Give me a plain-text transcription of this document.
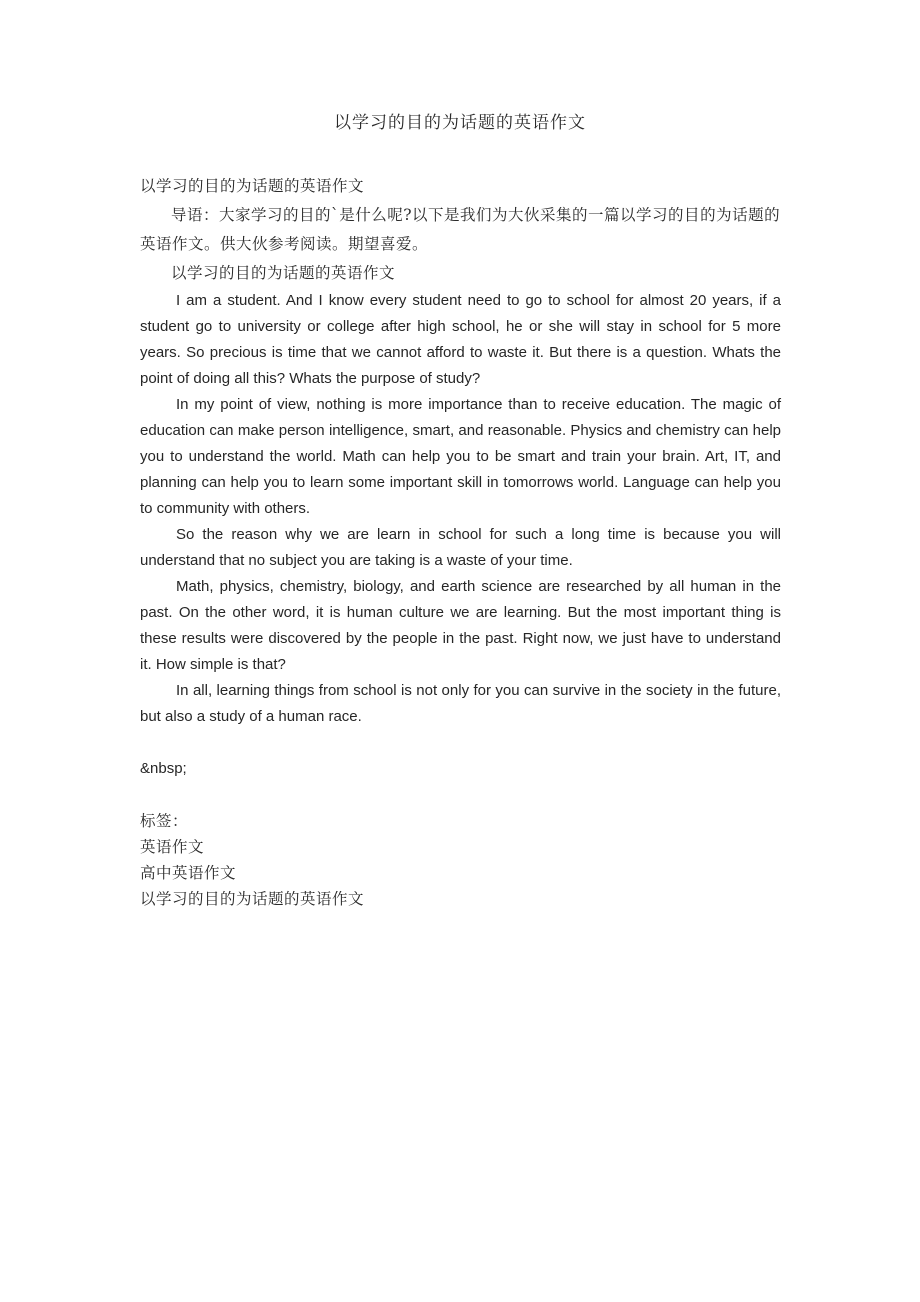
以学习的目的为话题的英语作文

以学习的目的为话题的英语作文

导语：大家学习的目的`是什么呢?以下是我们为大伙采集的一篇以学习的目的为话题的英语作文。供大伙参考阅读。期望喜爱。

以学习的目的为话题的英语作文

I am a student. And I know every student need to go to school for almost 20 years, if a student go to university or college after high school, he or she will stay in school for 5 more years. So precious is time that we cannot afford to waste it. But there is a question. Whats the point of doing all this? Whats the purpose of study?

In my point of view, nothing is more importance than to receive education. The magic of education can make person intelligence, smart, and reasonable. Physics and chemistry can help you to understand the world. Math can help you to be smart and train your brain. Art, IT, and planning can help you to learn some important skill in tomorrows world. Language can help you to community with others.

So the reason why we are learn in school for such a long time is because you will understand that no subject you are taking is a waste of your time.

Math, physics, chemistry, biology, and earth science are researched by all human in the past. On the other word, it is human culture we are learning. But the most important thing is these results were discovered by the people in the past. Right now, we just have to understand it. How simple is that?

In all, learning things from school is not only for you can survive in the society in the future, but also a study of a human race.

&nbsp;

标签：

英语作文

高中英语作文

以学习的目的为话题的英语作文
